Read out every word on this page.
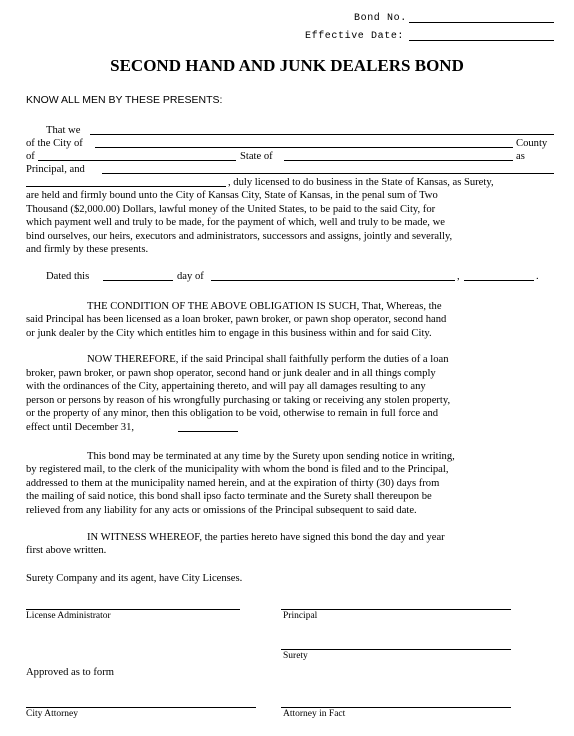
Bond No.
Effective Date:
SECOND HAND AND JUNK DEALERS BOND
KNOW ALL MEN BY THESE PRESENTS:
That we
of the City of	County
of	State of	as
Principal, and
, duly licensed to do business in the State of Kansas, as Surety,
are held and firmly bound unto the City of Kansas City, State of Kansas, in the penal sum of Two
Thousand ($2,000.00) Dollars, lawful money of the United States, to be paid to the said City, for
which payment well and truly to be made, for the payment of which, well and truly to be made, we
bind ourselves, our heirs, executors and administrators, successors and assigns, jointly and severally,
and firmly by these presents.
Dated this	day of	,	.
THE CONDITION OF THE ABOVE OBLIGATION IS SUCH, That, Whereas, the
said Principal has been licensed as a loan broker, pawn broker, or pawn shop operator, second hand
or junk dealer by the City which entitles him to engage in this business within and for said City.
NOW THEREFORE, if the said Principal shall faithfully perform the duties of a loan
broker, pawn broker, or pawn shop operator, second hand or junk dealer and in all things comply
with the ordinances of the City, appertaining thereto, and will pay all damages resulting to any
person or persons by reason of his wrongfully purchasing or taking or receiving any stolen property,
or the property of any minor, then this obligation to be void, otherwise to remain in full force and
effect until December 31,
This bond may be terminated at any time by the Surety upon sending notice in writing,
by registered mail, to the clerk of the municipality with whom the bond is filed and to the Principal,
addressed to them at the municipality named herein, and at the expiration of thirty (30) days from
the mailing of said notice, this bond shall ipso facto terminate and the Surety shall thereupon be
relieved from any liability for any acts or omissions of the Principal subsequent to said date.
IN WITNESS WHEREOF, the parties hereto have signed this bond the day and year
first above written.
Surety Company and its agent, have City Licenses.
License Administrator	Principal
Surety
Approved as to form
City Attorney	Attorney in Fact
